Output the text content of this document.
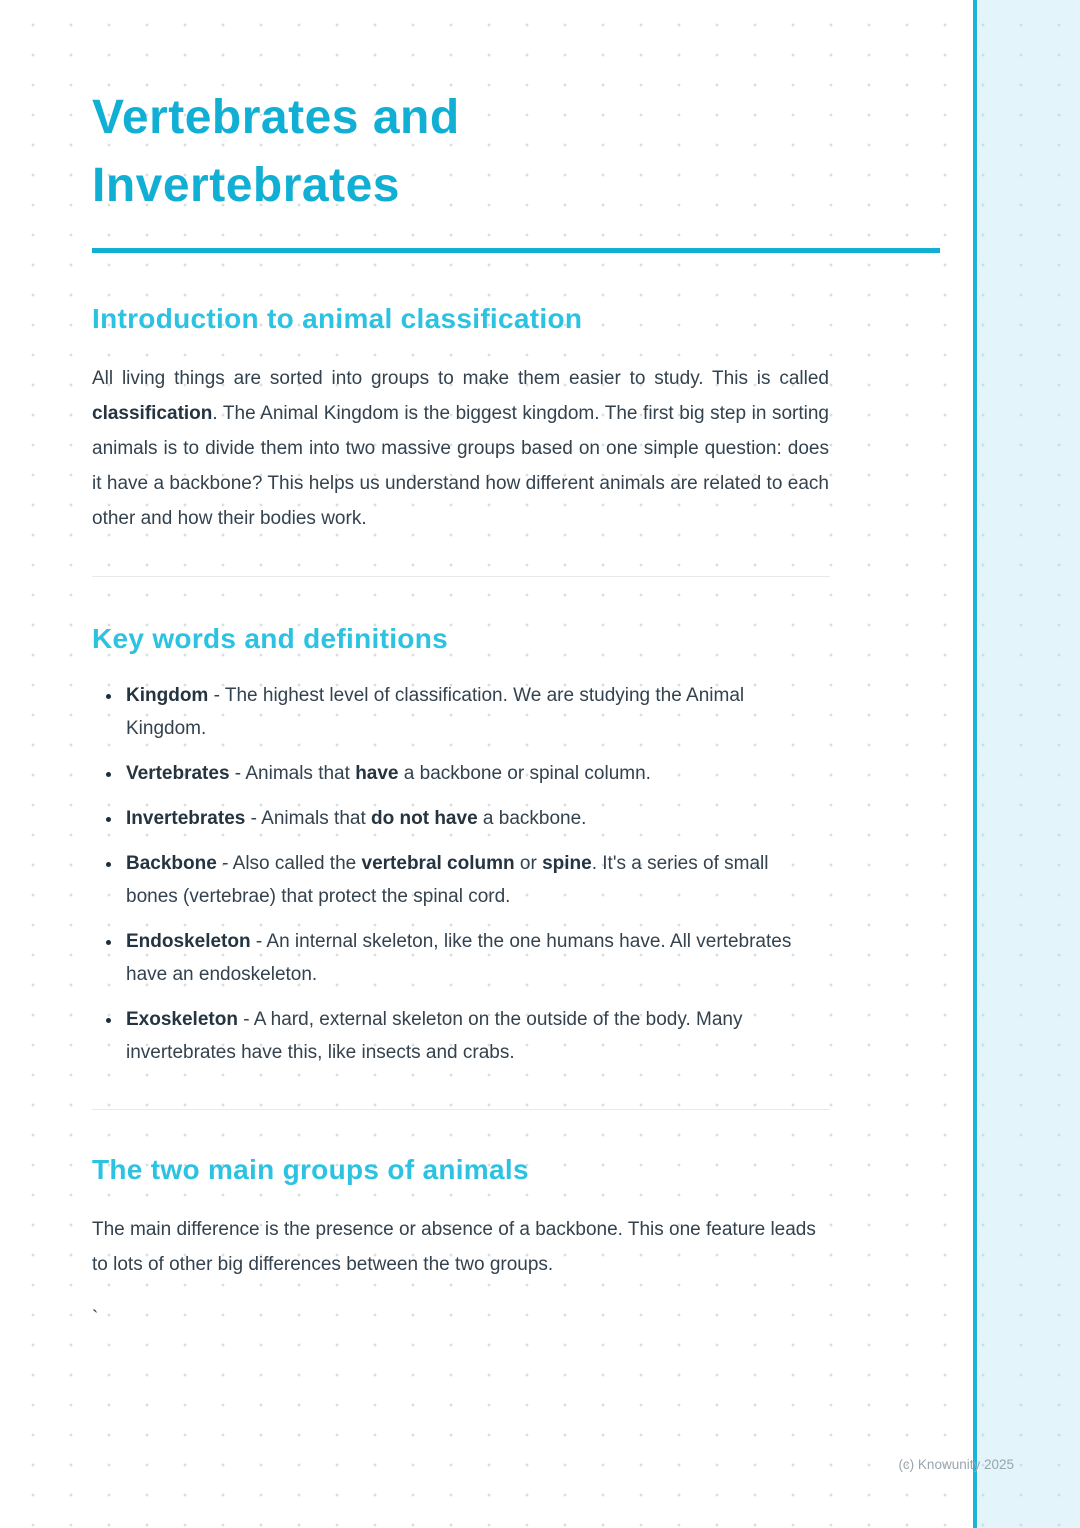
Vertebrates and
Invertebrates
Introduction to animal classification

All living things are sorted into groups to make them easier to study. This is called classification. The Animal Kingdom is the biggest kingdom. The first big step in sorting animals is to divide them into two massive groups based on one simple question: does it have a backbone? This helps us understand how different animals are related to each other and how their bodies work.

Key words and definitions
• Kingdom - The highest level of classification. We are studying the Animal Kingdom.
• Vertebrates - Animals that have a backbone or spinal column.
• Invertebrates - Animals that do not have a backbone.
• Backbone - Also called the vertebral column or spine. It's a series of small bones (vertebrae) that protect the spinal cord.
• Endoskeleton - An internal skeleton, like the one humans have. All vertebrates have an endoskeleton.
• Exoskeleton - A hard, external skeleton on the outside of the body. Many invertebrates have this, like insects and crabs.
The two main groups of animals

The main difference is the presence or absence of a backbone. This one feature leads to lots of other big differences between the two groups.

`
(c) Knowunity 2025
